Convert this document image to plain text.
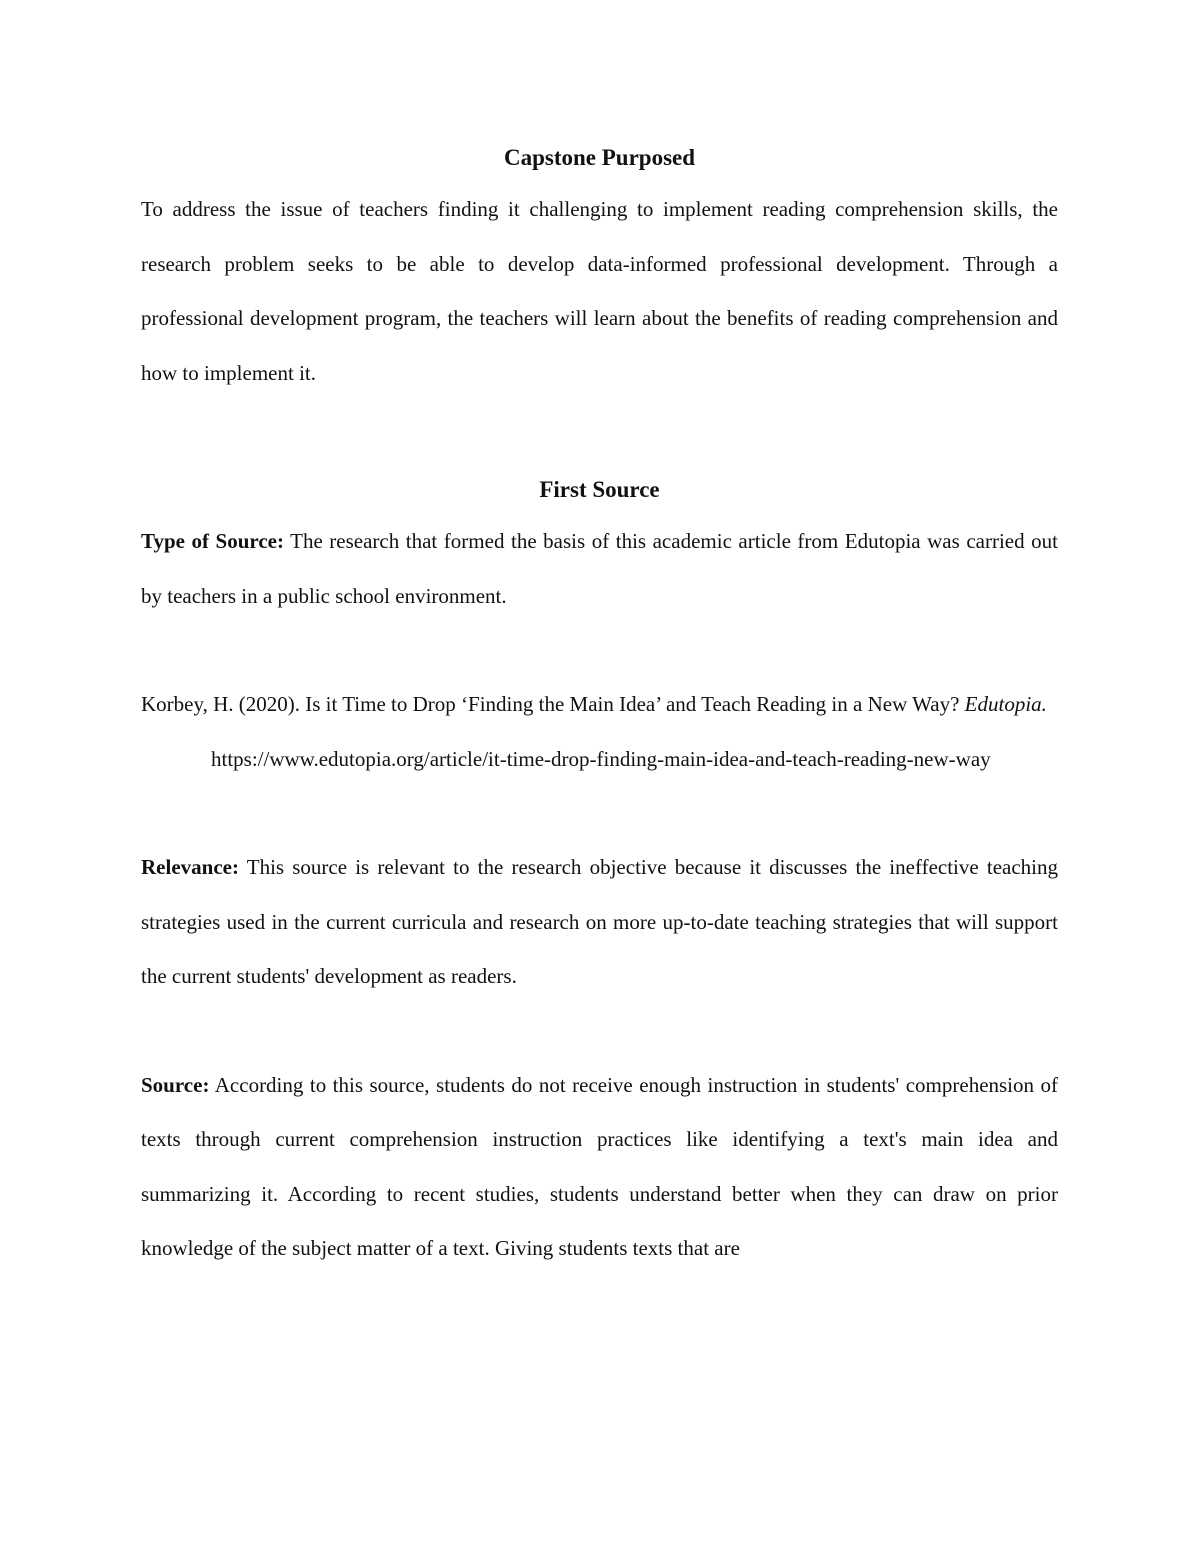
Capstone Purposed

To address the issue of teachers finding it challenging to implement reading comprehension skills, the research problem seeks to be able to develop data-informed professional development. Through a professional development program, the teachers will learn about the benefits of reading comprehension and how to implement it.

First Source

Type of Source: The research that formed the basis of this academic article from Edutopia was carried out by teachers in a public school environment.

Korbey, H. (2020). Is it Time to Drop ‘Finding the Main Idea’ and Teach Reading in a New Way? Edutopia. https://www.edutopia.org/article/it-time-drop-finding-main-idea-and-teach-reading-new-way

Relevance: This source is relevant to the research objective because it discusses the ineffective teaching strategies used in the current curricula and research on more up-to-date teaching strategies that will support the current students' development as readers.

Source: According to this source, students do not receive enough instruction in students' comprehension of texts through current comprehension instruction practices like identifying a text's main idea and summarizing it. According to recent studies, students understand better when they can draw on prior knowledge of the subject matter of a text. Giving students texts that are
